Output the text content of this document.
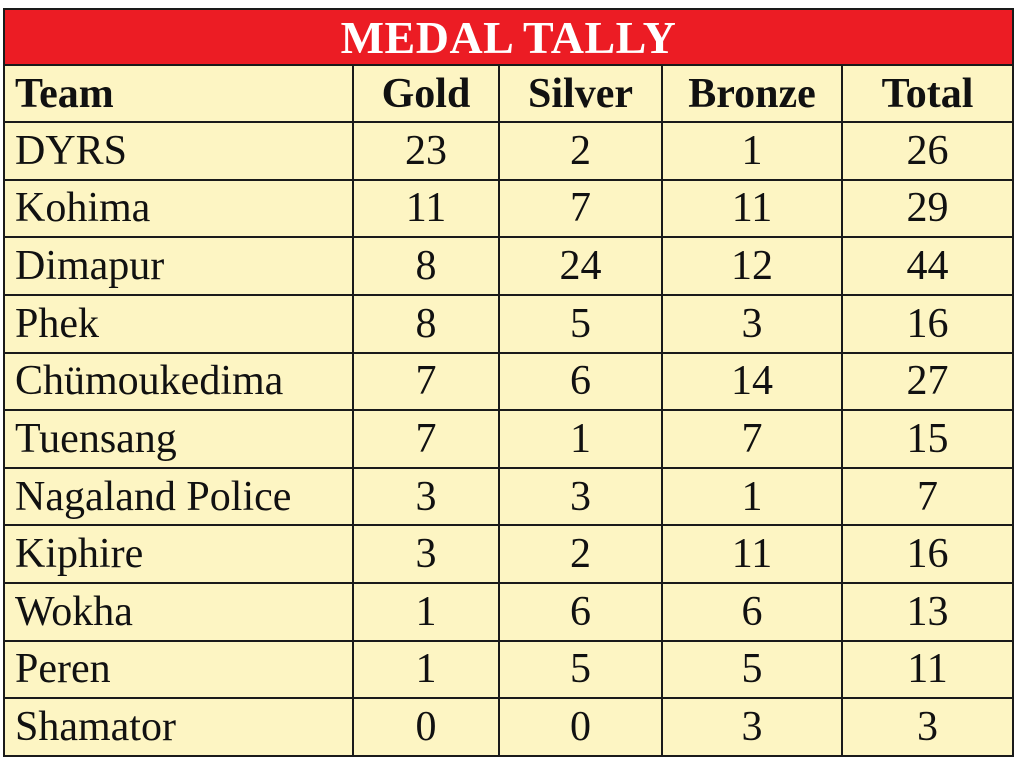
MEDAL TALLY
Team	Gold	Silver	Bronze	Total
DYRS	23	2	1	26
Kohima	11	7	11	29
Dimapur	8	24	12	44
Phek	8	5	3	16
Chümoukedima	7	6	14	27
Tuensang	7	1	7	15
Nagaland Police	3	3	1	7
Kiphire	3	2	11	16
Wokha	1	6	6	13
Peren	1	5	5	11
Shamator	0	0	3	3
